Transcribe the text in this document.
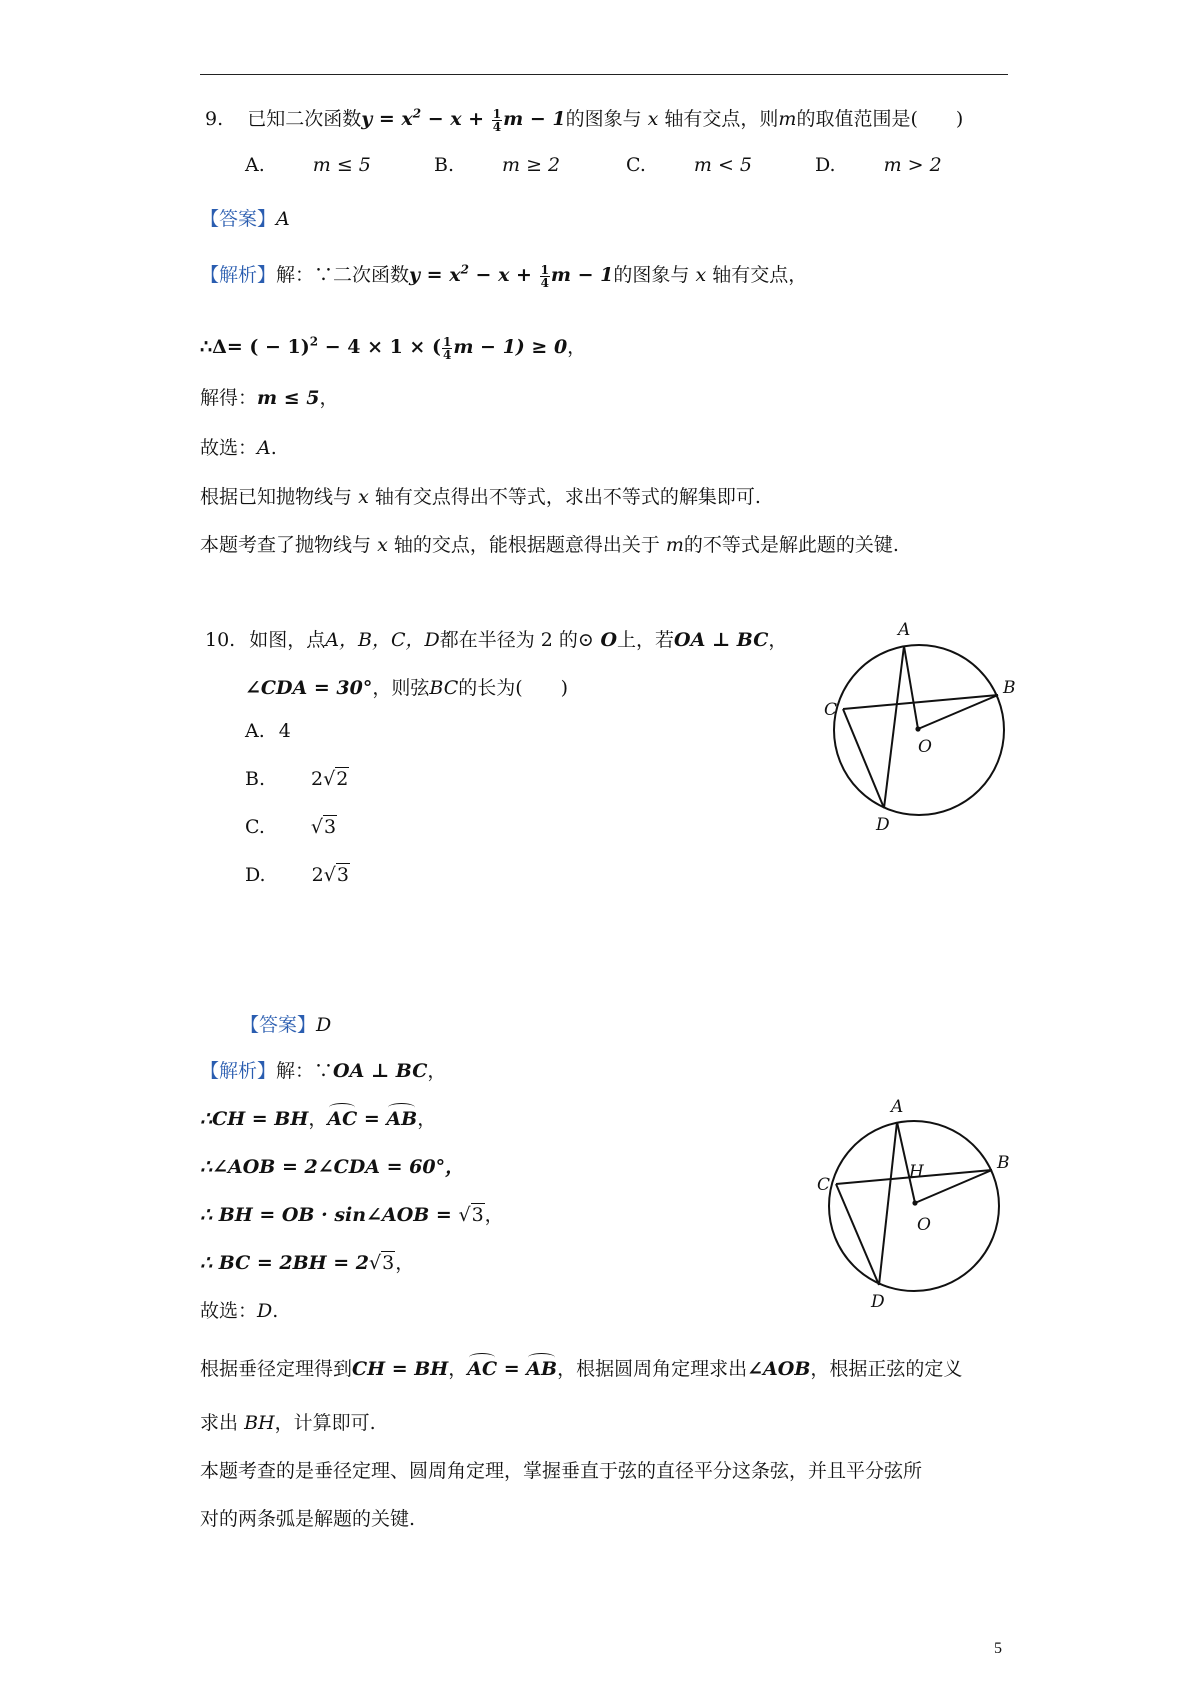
9. 已知二次函数$y = x^2 - x + \frac{1}{4}$ m − 1的图象与 x 轴有交点，则m的取值范围是(　　)
A.	m ≤ 5	B.	m ≥ 2	C.	m < 5	D.	m > 2
【答案】A
【解析】解：∵二次函数$y = x^2 - x + \frac{1}{4}$ m − 1的图象与 x 轴有交点，
∴Δ= ( − 1)$^2$ − 4 × 1 × ( $\frac{1}{4}$ m − 1) ≥ 0，
解得：m ≤ 5，
故选：A.
根据已知抛物线与 x 轴有交点得出不等式，求出不等式的解集即可.
本题考查了抛物线与 x 轴的交点，能根据题意得出关于 m的不等式是解此题的关键.
10. 如图，点A，B，C，D都在半径为 2 的⊙ O上，若OA ⊥ BC，
∠CDA = 30°，则弦BC的长为(　　)
A. 4
B. 2√2
C. √3
D. 2√3
A
B
C
D
O
【答案】D
【解析】解：∵OA ⊥ BC，
∴CH = BH，AC = AB，
∴∠AOB = 2∠CDA = 60°，
∴ BH = OB · sin∠AOB = √3，
∴ BC = 2BH = 2√3，
故选：D.
A
B
C
D
O
H
根据垂径定理得到CH = BH，AC = AB，根据圆周角定理求出∠AOB，根据正弦的定义
求出 BH，计算即可.
本题考查的是垂径定理、圆周角定理，掌握垂直于弦的直径平分这条弦，并且平分弦所
对的两条弧是解题的关键.
5
